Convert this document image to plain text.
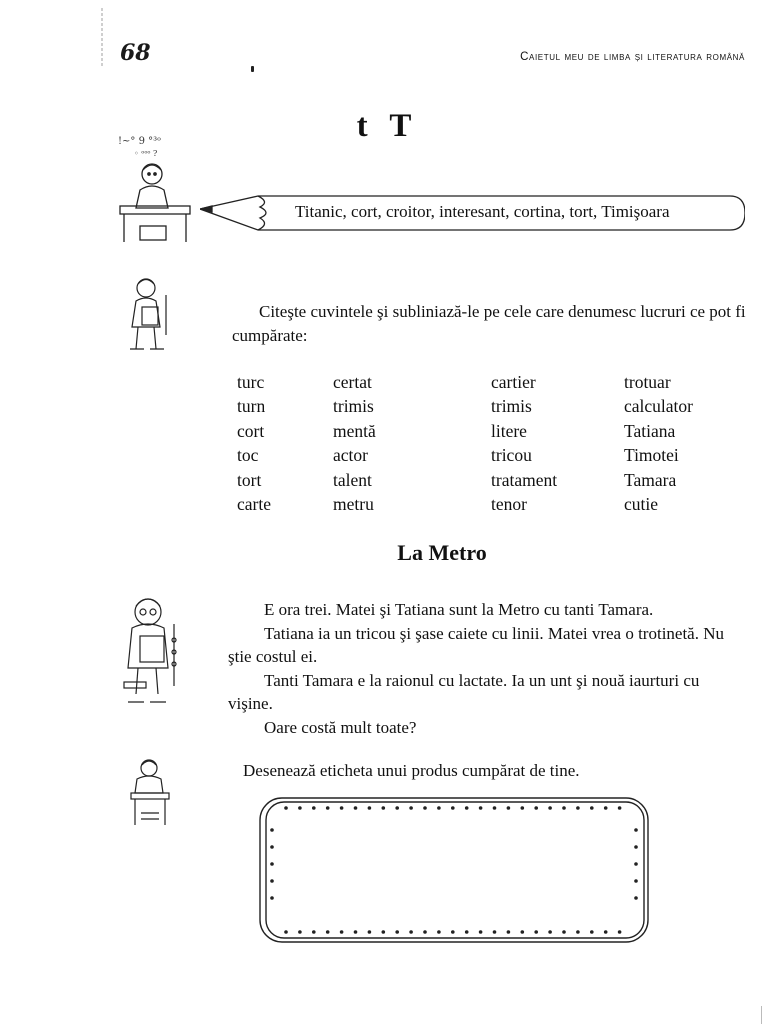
68	Caietul meu de limba și literatura română
t T
!~° 9 °³ᵒ
◦ ᵒᵒᵒ ?
Titanic, cort, croitor, interesant, cortina, tort, Timişoara
Citeşte cuvintele şi subliniază-le pe cele care denumesc lucruri ce pot fi cumpărate:
turc
turn
cort
toc
tort
carte
certat
trimis
mentă
actor
talent
metru
cartier
trimis
litere
tricou
tratament
tenor
trotuar
calculator
Tatiana
Timotei
Tamara
cutie
La Metro

E ora trei. Matei şi Tatiana sunt la Metro cu tanti Tamara.

Tatiana ia un tricou şi şase caiete cu linii. Matei vrea o trotinetă. Nu ştie costul ei.

Tanti Tamara e la raionul cu lactate. Ia un unt şi nouă iaurturi cu vişine.

Oare costă mult toate?

Desenează eticheta unui produs cumpărat de tine.
